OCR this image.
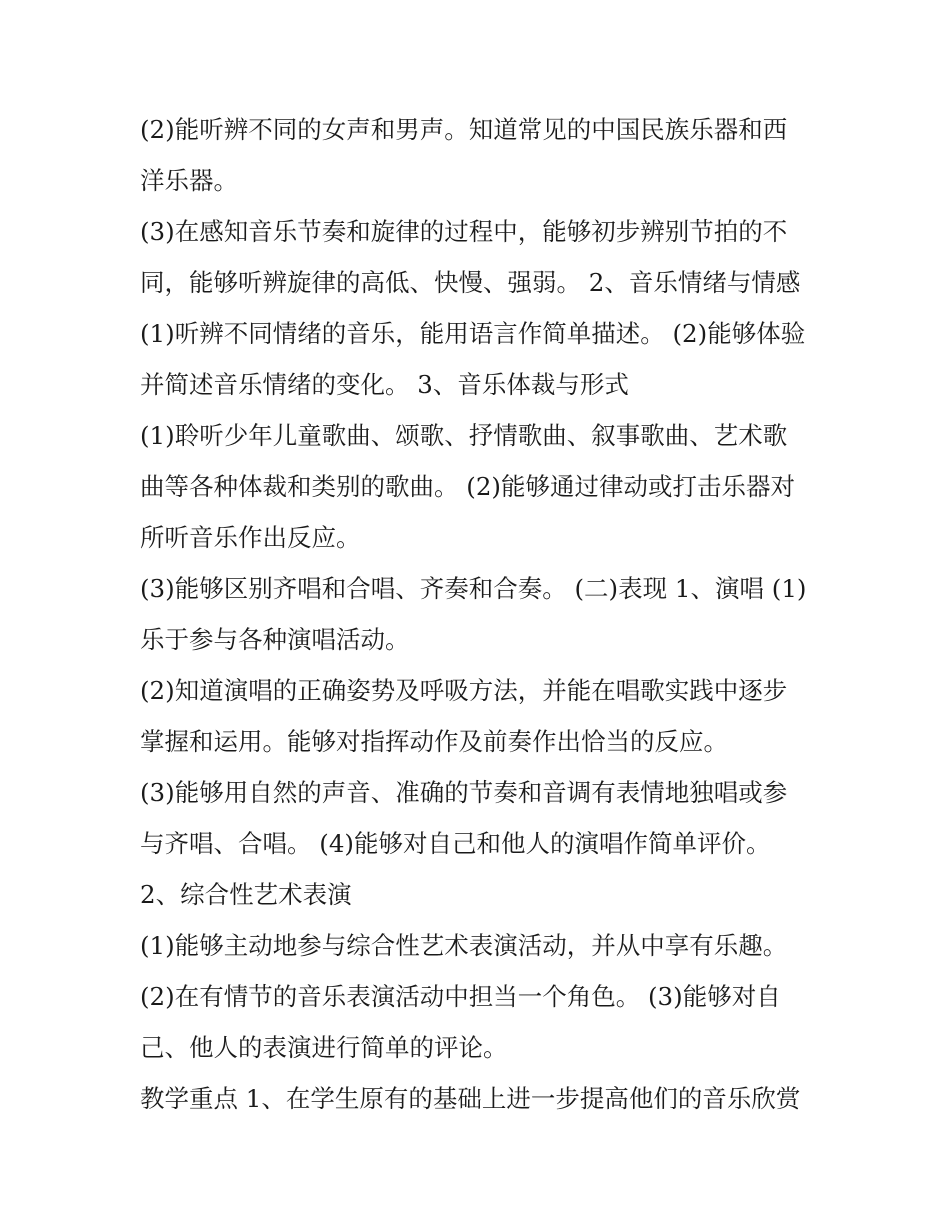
(2)能听辨不同的女声和男声。知道常见的中国民族乐器和西
洋乐器。
(3)在感知音乐节奏和旋律的过程中，能够初步辨别节拍的不
同，能够听辨旋律的高低、快慢、强弱。 2、音乐情绪与情感
(1)听辨不同情绪的音乐，能用语言作简单描述。 (2)能够体验
并简述音乐情绪的变化。 3、音乐体裁与形式
(1)聆听少年儿童歌曲、颂歌、抒情歌曲、叙事歌曲、艺术歌
曲等各种体裁和类别的歌曲。 (2)能够通过律动或打击乐器对
所听音乐作出反应。
(3)能够区别齐唱和合唱、齐奏和合奏。 (二)表现 1、演唱 (1)
乐于参与各种演唱活动。
(2)知道演唱的正确姿势及呼吸方法，并能在唱歌实践中逐步
掌握和运用。能够对指挥动作及前奏作出恰当的反应。
(3)能够用自然的声音、准确的节奏和音调有表情地独唱或参
与齐唱、合唱。 (4)能够对自己和他人的演唱作简单评价。
2、综合性艺术表演
(1)能够主动地参与综合性艺术表演活动，并从中享有乐趣。
(2)在有情节的音乐表演活动中担当一个角色。 (3)能够对自
己、他人的表演进行简单的评论。
教学重点 1、在学生原有的基础上进一步提高他们的音乐欣赏
